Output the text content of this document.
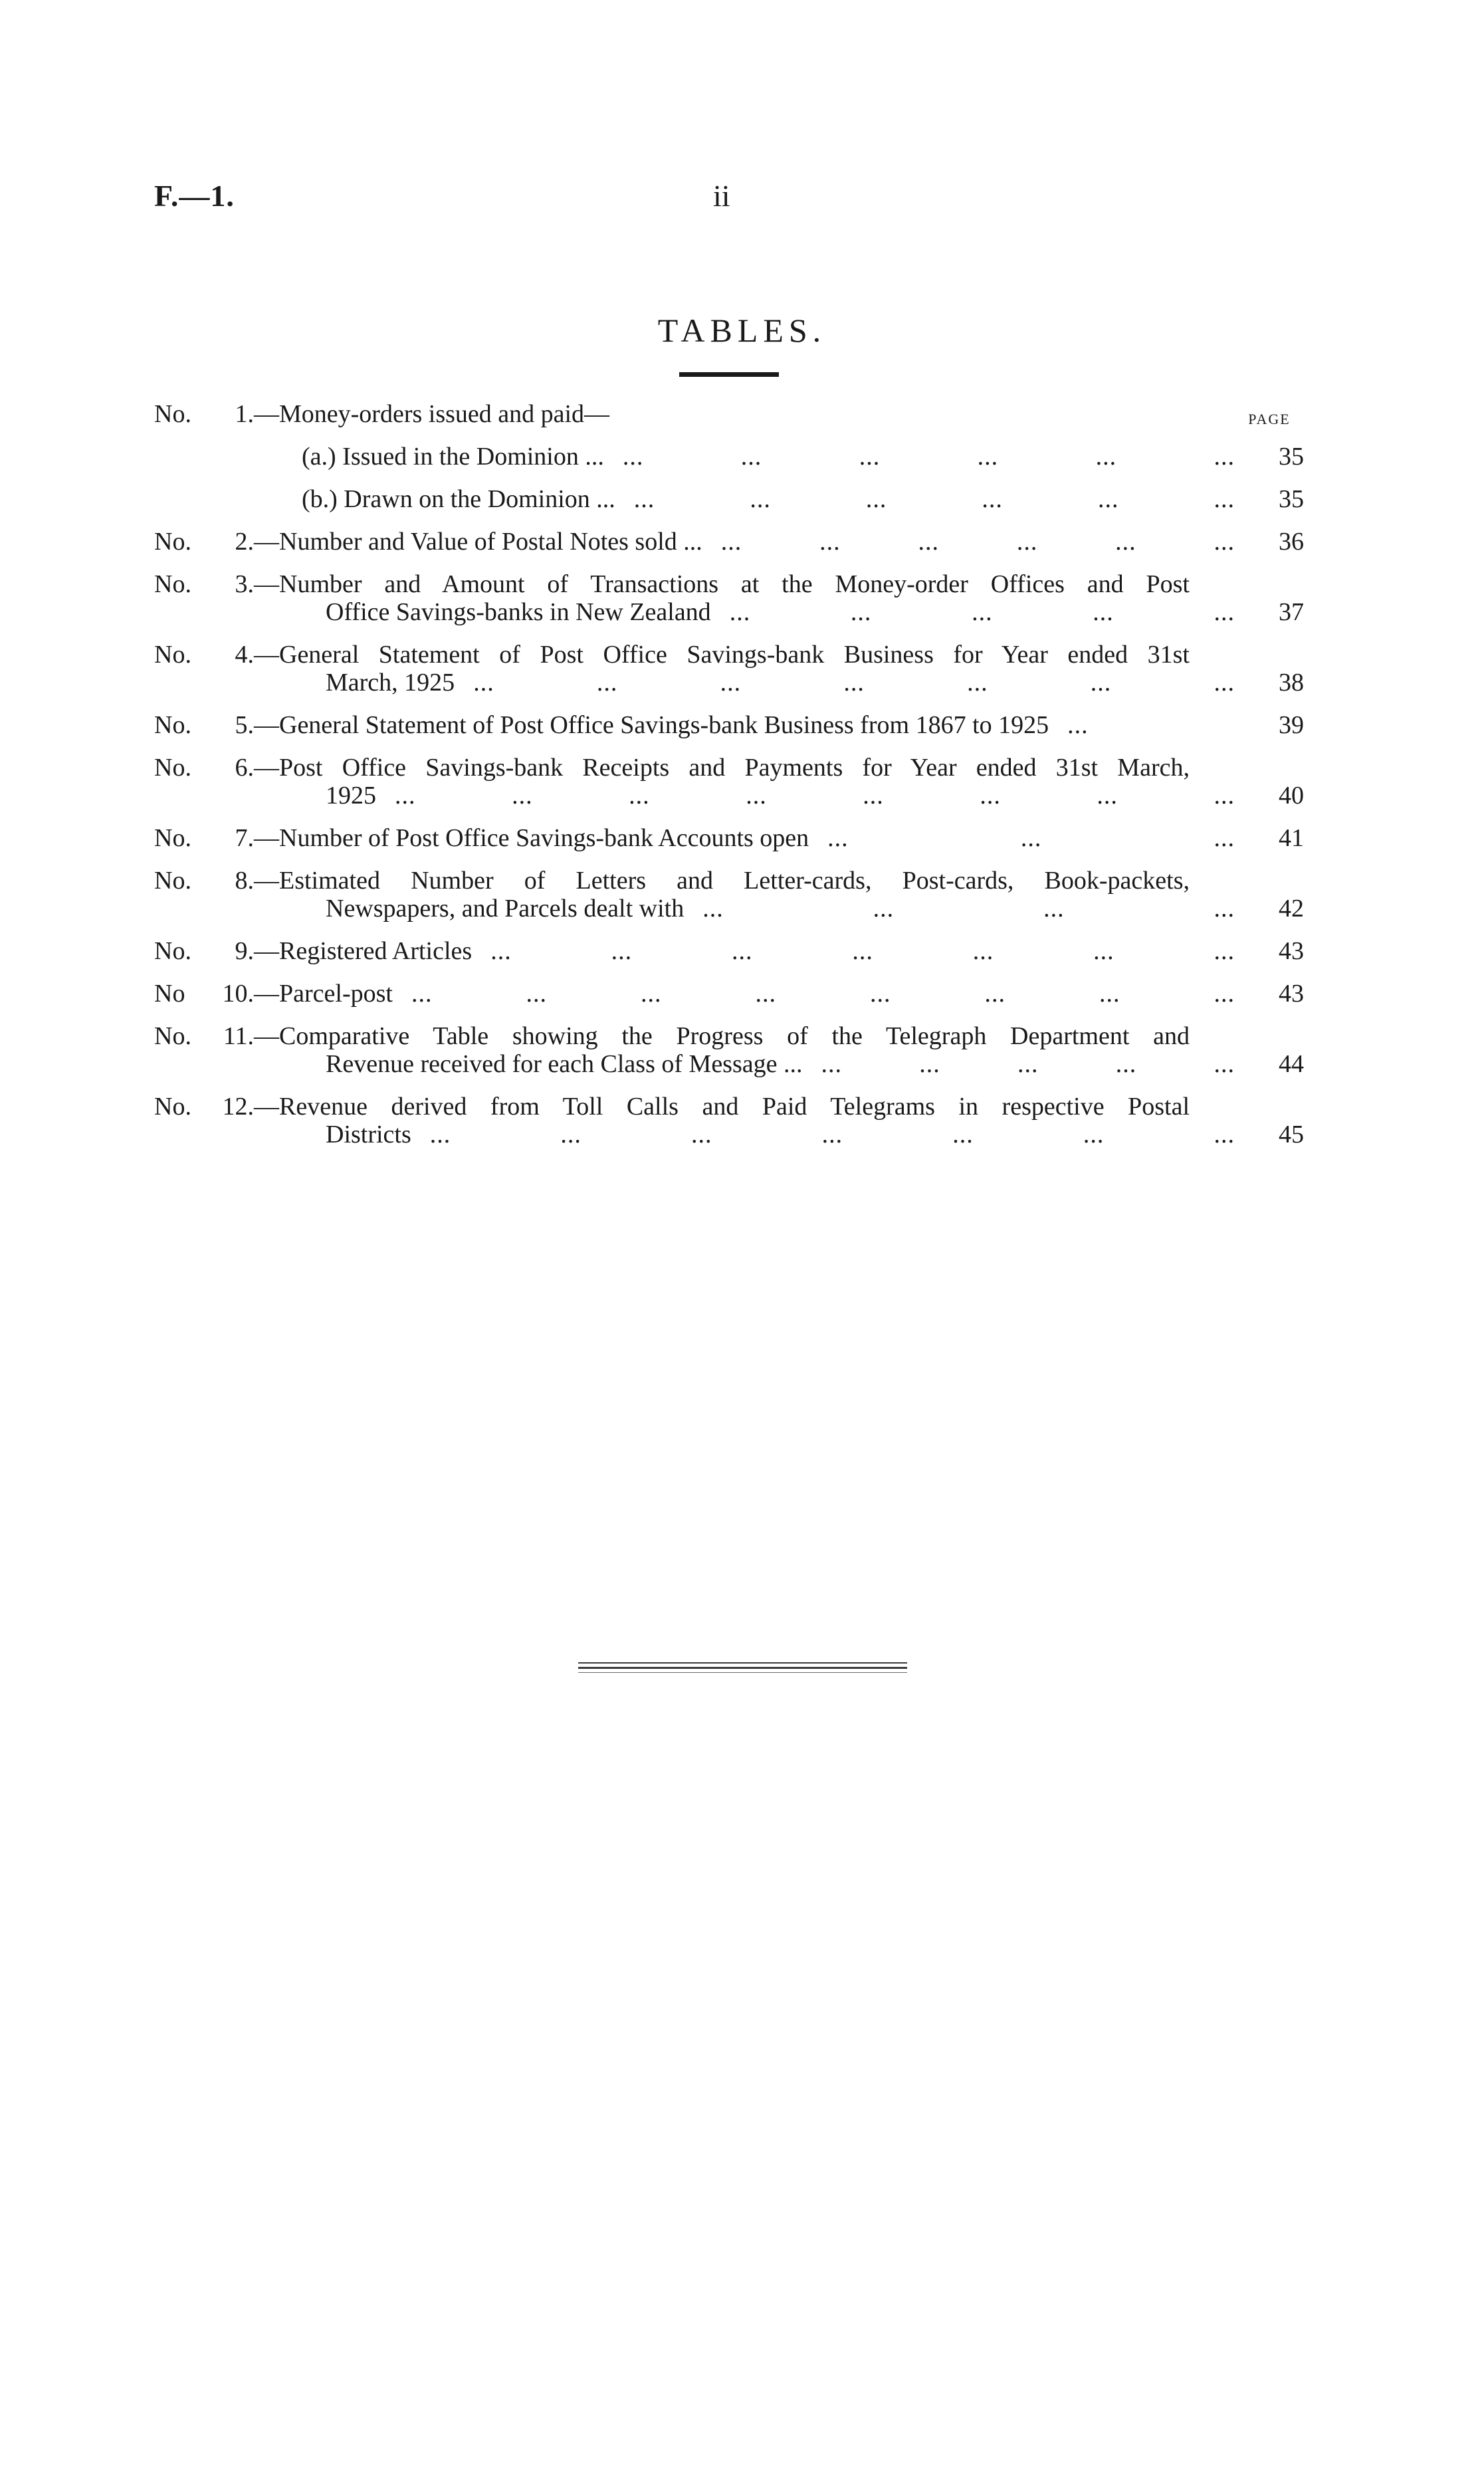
F.—1.	ii
TABLES.
PAGE
No.	1. —Money-orders issued and paid—
(a.) Issued in the Dominion ... ...	...	...	...	...	...	35
(b.) Drawn on the Dominion ... ...	...	...	...	...	...	35
No.	2. —Number and Value of Postal Notes sold ... ...	...	...	...	...	...	36
No.	3. —Number and Amount of Transactions at the Money-order Offices and Post
Office Savings-banks in New Zealand ...	...	...	...	...	37
No.	4. —General Statement of Post Office Savings-bank Business for Year ended 31st
March, 1925 ...	...	...	...	...	...	...	38
No.	5. —General Statement of Post Office Savings-bank Business from 1867 to 1925 ...	39
No.	6. —Post Office Savings-bank Receipts and Payments for Year ended 31st March,
1925 ...	...	...	...	...	...	...	...	40
No.	7. —Number of Post Office Savings-bank Accounts open ...	...	...	41
No.	8. —Estimated Number of Letters and Letter-cards, Post-cards, Book-packets,
Newspapers, and Parcels dealt with ...	...	...	...	42
No.	9. —Registered Articles ...	...	...	...	...	...	...	43
No	10. —Parcel-post ...	...	...	...	...	...	...	...	43
No.	11. —Comparative Table showing the Progress of the Telegraph Department and
Revenue received for each Class of Message ... ...	...	...	...	...	44
No.	12. —Revenue derived from Toll Calls and Paid Telegrams in respective Postal
Districts ...	...	...	...	...	...	...	45
